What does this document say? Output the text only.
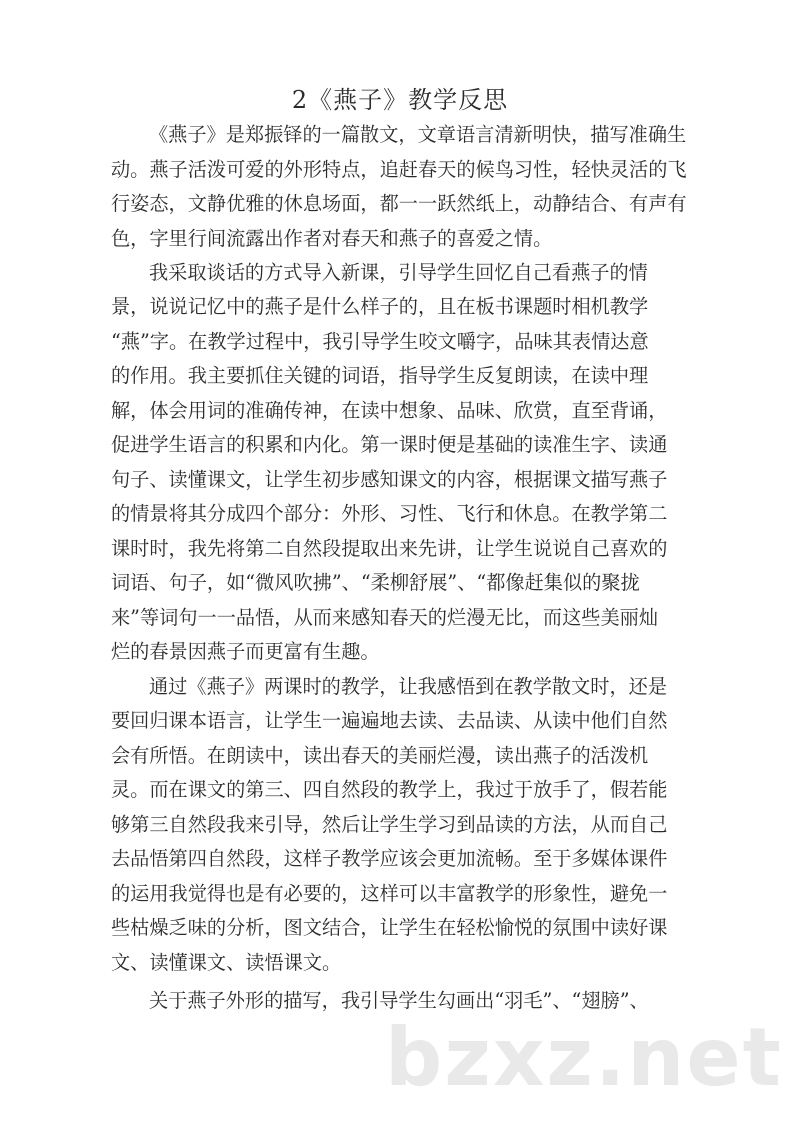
2《燕子》教学反思
《燕子》是郑振铎的一篇散文，文章语言清新明快，描写准确生
动。燕子活泼可爱的外形特点，追赶春天的候鸟习性，轻快灵活的飞
行姿态，文静优雅的休息场面，都一一跃然纸上，动静结合、有声有
色，字里行间流露出作者对春天和燕子的喜爱之情。
我采取谈话的方式导入新课，引导学生回忆自己看燕子的情
景，说说记忆中的燕子是什么样子的，且在板书课题时相机教学
“燕”字。在教学过程中，我引导学生咬文嚼字，品味其表情达意
的作用。我主要抓住关键的词语，指导学生反复朗读，在读中理
解，体会用词的准确传神，在读中想象、品味、欣赏，直至背诵，
促进学生语言的积累和内化。第一课时便是基础的读准生字、读通
句子、读懂课文，让学生初步感知课文的内容，根据课文描写燕子
的情景将其分成四个部分：外形、习性、飞行和休息。在教学第二
课时时，我先将第二自然段提取出来先讲，让学生说说自己喜欢的
词语、句子，如“微风吹拂”、“柔柳舒展”、“都像赶集似的聚拢
来”等词句一一品悟，从而来感知春天的烂漫无比，而这些美丽灿
烂的春景因燕子而更富有生趣。
通过《燕子》两课时的教学，让我感悟到在教学散文时，还是
要回归课本语言，让学生一遍遍地去读、去品读、从读中他们自然
会有所悟。在朗读中，读出春天的美丽烂漫，读出燕子的活泼机
灵。而在课文的第三、四自然段的教学上，我过于放手了，假若能
够第三自然段我来引导，然后让学生学习到品读的方法，从而自己
去品悟第四自然段，这样子教学应该会更加流畅。至于多媒体课件
的运用我觉得也是有必要的，这样可以丰富教学的形象性，避免一
些枯燥乏味的分析，图文结合，让学生在轻松愉悦的氛围中读好课
文、读懂课文、读悟课文。
关于燕子外形的描写，我引导学生勾画出“羽毛”、“翅膀”、
bzxz.net
